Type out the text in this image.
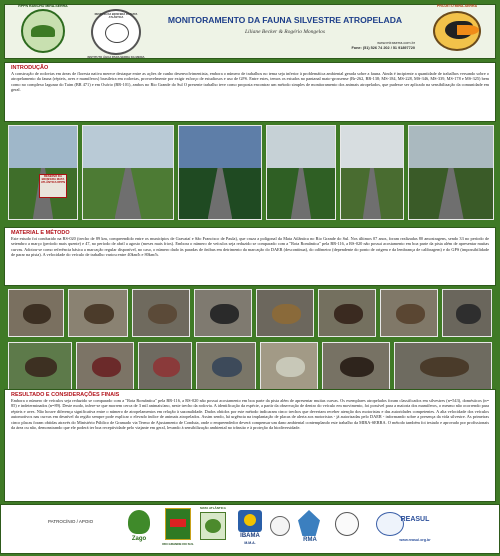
RPPN RANCHO MIRA-SERRA
RESERVA DA BIOSFERA DA MATA ATLÂNTICA
INSTITUTO ÁGUA PARA SERRA DA MEDIA
MONITORAMENTO DA FAUNA SILVESTRE ATROPELADA
Liliane Becker & Rogério Mongelos
www.miraserra.com.br
Fone: (51) 526 74 202 / 51 91897720
PROJETO MIRA-SERRA
INTRODUÇÃO
A construção de rodovias em áreas de floresta nativa merece destaque entre as ações de cunho desenvolvimentista, embora o número de trabalhos no tema seja inferior à problemática ambiental gerada sobre a fauna. Ainda é incipiente a quantidade de trabalhos versando sobre o atropelamento da fauna (répteis, aves e mamíferos) brasileira em rodovias, provavelmente por exigir esforço de estudiosos e uso de GPS. Entre estes, temos os estudos no pantanal mato-grossense (Br-262, BR-138; MS-184, MS-228, MS-346, MS-339, MS-178 e MS-325) bem como no complexo lagunar do Taim (BR 471) e em Osório (BR-101), ambos no Rio Grande do Sul O presente trabalho teve como proposta encontrar um método simples de monitoramento dos animais atropelados, que pudesse ser aplicado na sensibilização da comunidade em geral.
RESERVA DA BIOSFERA MATA ATLÂNTICA RPPN
MATERIAL E MÉTODO
Este estudo foi conduzido na RS-020 (trecho de 89 km, compreendido entre os municípios de Gravataí e São Francisco de Paula), que cruza a poligonal da Mata Atlântica no Rio Grande do Sul. Nos últimos 07 anos, foram realizadas 80 amostragens, sendo 33 no período de setembro a março (período mais quente) e 47, no período de abril a agosto (meses mais frios). Embora o número de veículos seja reduzido se comparado com a "Rota Romântica" pela BR-116, a RS-020 não possui acostamento em boa parte da pista além de apresentar muitas curvas. Adotou-se como referência básica a marcação regular disponível, no caso, o número dado às paradas de ônibus em detrimento da marcação do DAER (descontínua), do odômetro (dependente do ponto de origem e da lembrança de calibragem) e do GPS (impossibilidade de parar na pista). A velocidade do veículo de trabalho variou entre 40km/h e 80km/h.
RESULTADO E CONSIDERAÇÕES FINAIS
Embora o número de veículos seja reduzido se comparado com a "Rota Romântica" pela BR-116, a RS-020 não possui acostamento em boa parte da pista além de apresentar muitas curvas. Os exemplares atropelados foram classificados em silvestres (n=543), domésticos (n= 85) e indeterminados (n=89). Deste modo, infere-se que morrem cerca de 3 mil animais/ano, neste trecho da rodovia. A identificação da espécie, a partir da observação de dentro do veículo em movimento, foi possível para a maioria dos mamíferos, o mesmo não ocorrendo para répteis e aves. Não houve diferença significativa entre o número de atropelamentos em relação à sazonalidade. Dados obtidos por este método indicaram cinco trechos que deveriam receber atenção dos motoristas e das autoridades competentes. A alta velocidade dos veículos automotivos nas curvas em desnível da região sempre pode explicar o elevado índice de animais atropelados. Assim sendo, há urgência na implantação de placas de alerta aos motoristas - já autorizadas pelo DAER - informando sobre a presença da vida silvestre. As primeiras cinco placas foram obtidas através do Ministério Público de Gramado via Termo de Ajustamento de Conduta, onde o empreendedor deverá compensar um dano ambiental contemplando este trabalho da MIRA-SERRA. O método também foi testado e aprovado por profissionais da área ou não, demonstrando que ele poderá ter boa receptividade pelo viajante em geral, levando à sensibilização ambiental no trânsito e à proteção da biodiversidade.
PATROCÍNIO / APOIO
Zago
RIO GRANDE DO SUL
MATA ATLÂNTICA
IBAMA
M.M.A.	RMA
REASUL
www.reasul.org.br
